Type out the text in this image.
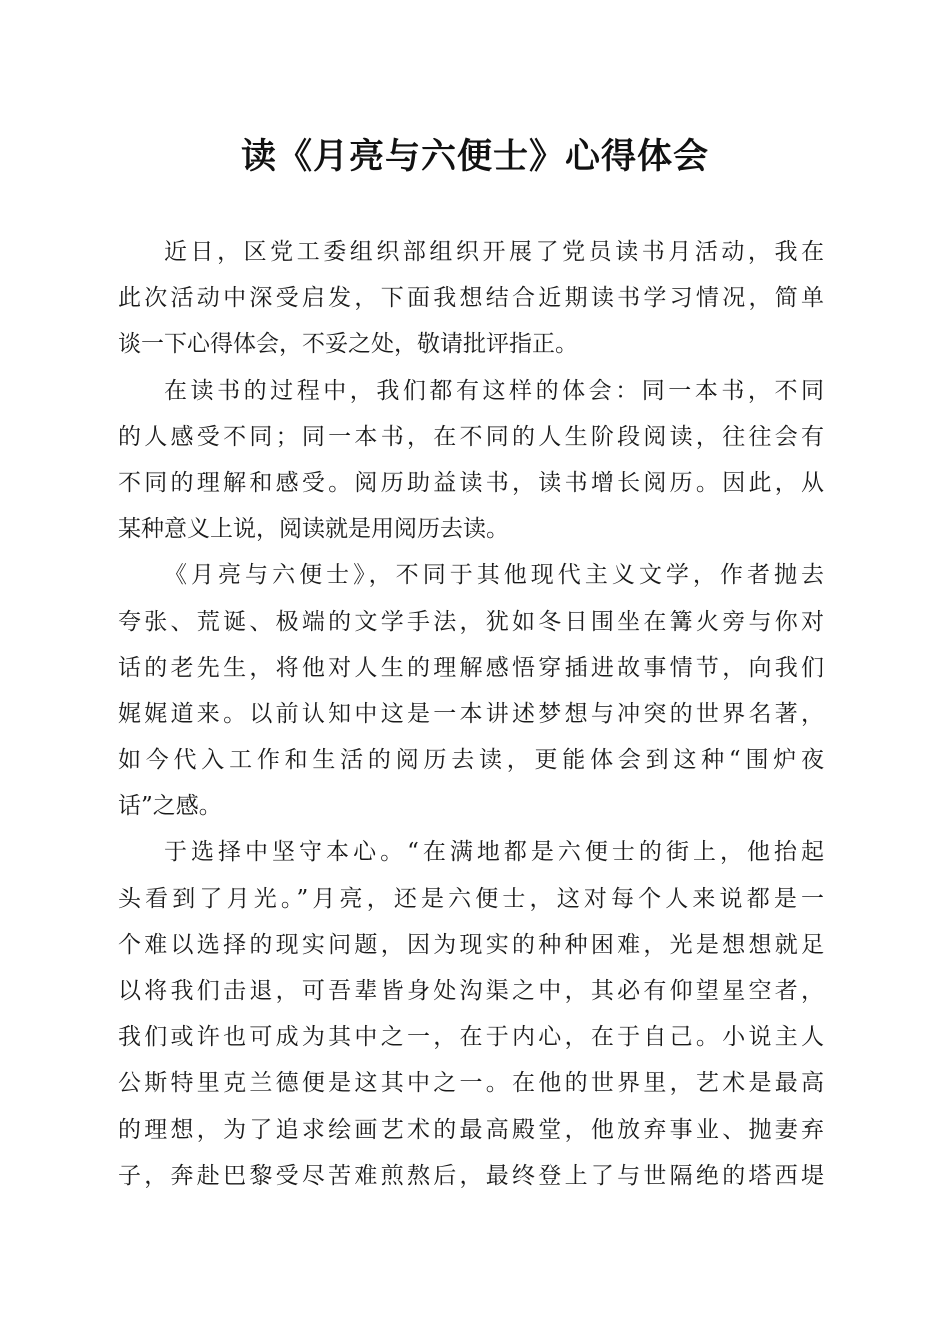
读《月亮与六便士》心得体会
近日，区党工委组织部组织开展了党员读书月活动，我在
此次活动中深受启发，下面我想结合近期读书学习情况，简单
谈一下心得体会，不妥之处，敬请批评指正。
在读书的过程中，我们都有这样的体会：同一本书，不同
的人感受不同；同一本书，在不同的人生阶段阅读，往往会有
不同的理解和感受。阅历助益读书，读书增长阅历。因此，从
某种意义上说，阅读就是用阅历去读。
《月亮与六便士》，不同于其他现代主义文学，作者抛去
夸张、荒诞、极端的文学手法，犹如冬日围坐在篝火旁与你对
话的老先生，将他对人生的理解感悟穿插进故事情节，向我们
娓娓道来。以前认知中这是一本讲述梦想与冲突的世界名著，
如今代入工作和生活的阅历去读，更能体会到这种“围炉夜
话”之感。
于选择中坚守本心。“在满地都是六便士的街上，他抬起
头看到了月光。”月亮，还是六便士，这对每个人来说都是一
个难以选择的现实问题，因为现实的种种困难，光是想想就足
以将我们击退，可吾辈皆身处沟渠之中，其必有仰望星空者，
我们或许也可成为其中之一，在于内心，在于自己。小说主人
公斯特里克兰德便是这其中之一。在他的世界里，艺术是最高
的理想，为了追求绘画艺术的最高殿堂，他放弃事业、抛妻弃
子，奔赴巴黎受尽苦难煎熬后，最终登上了与世隔绝的塔西堤
